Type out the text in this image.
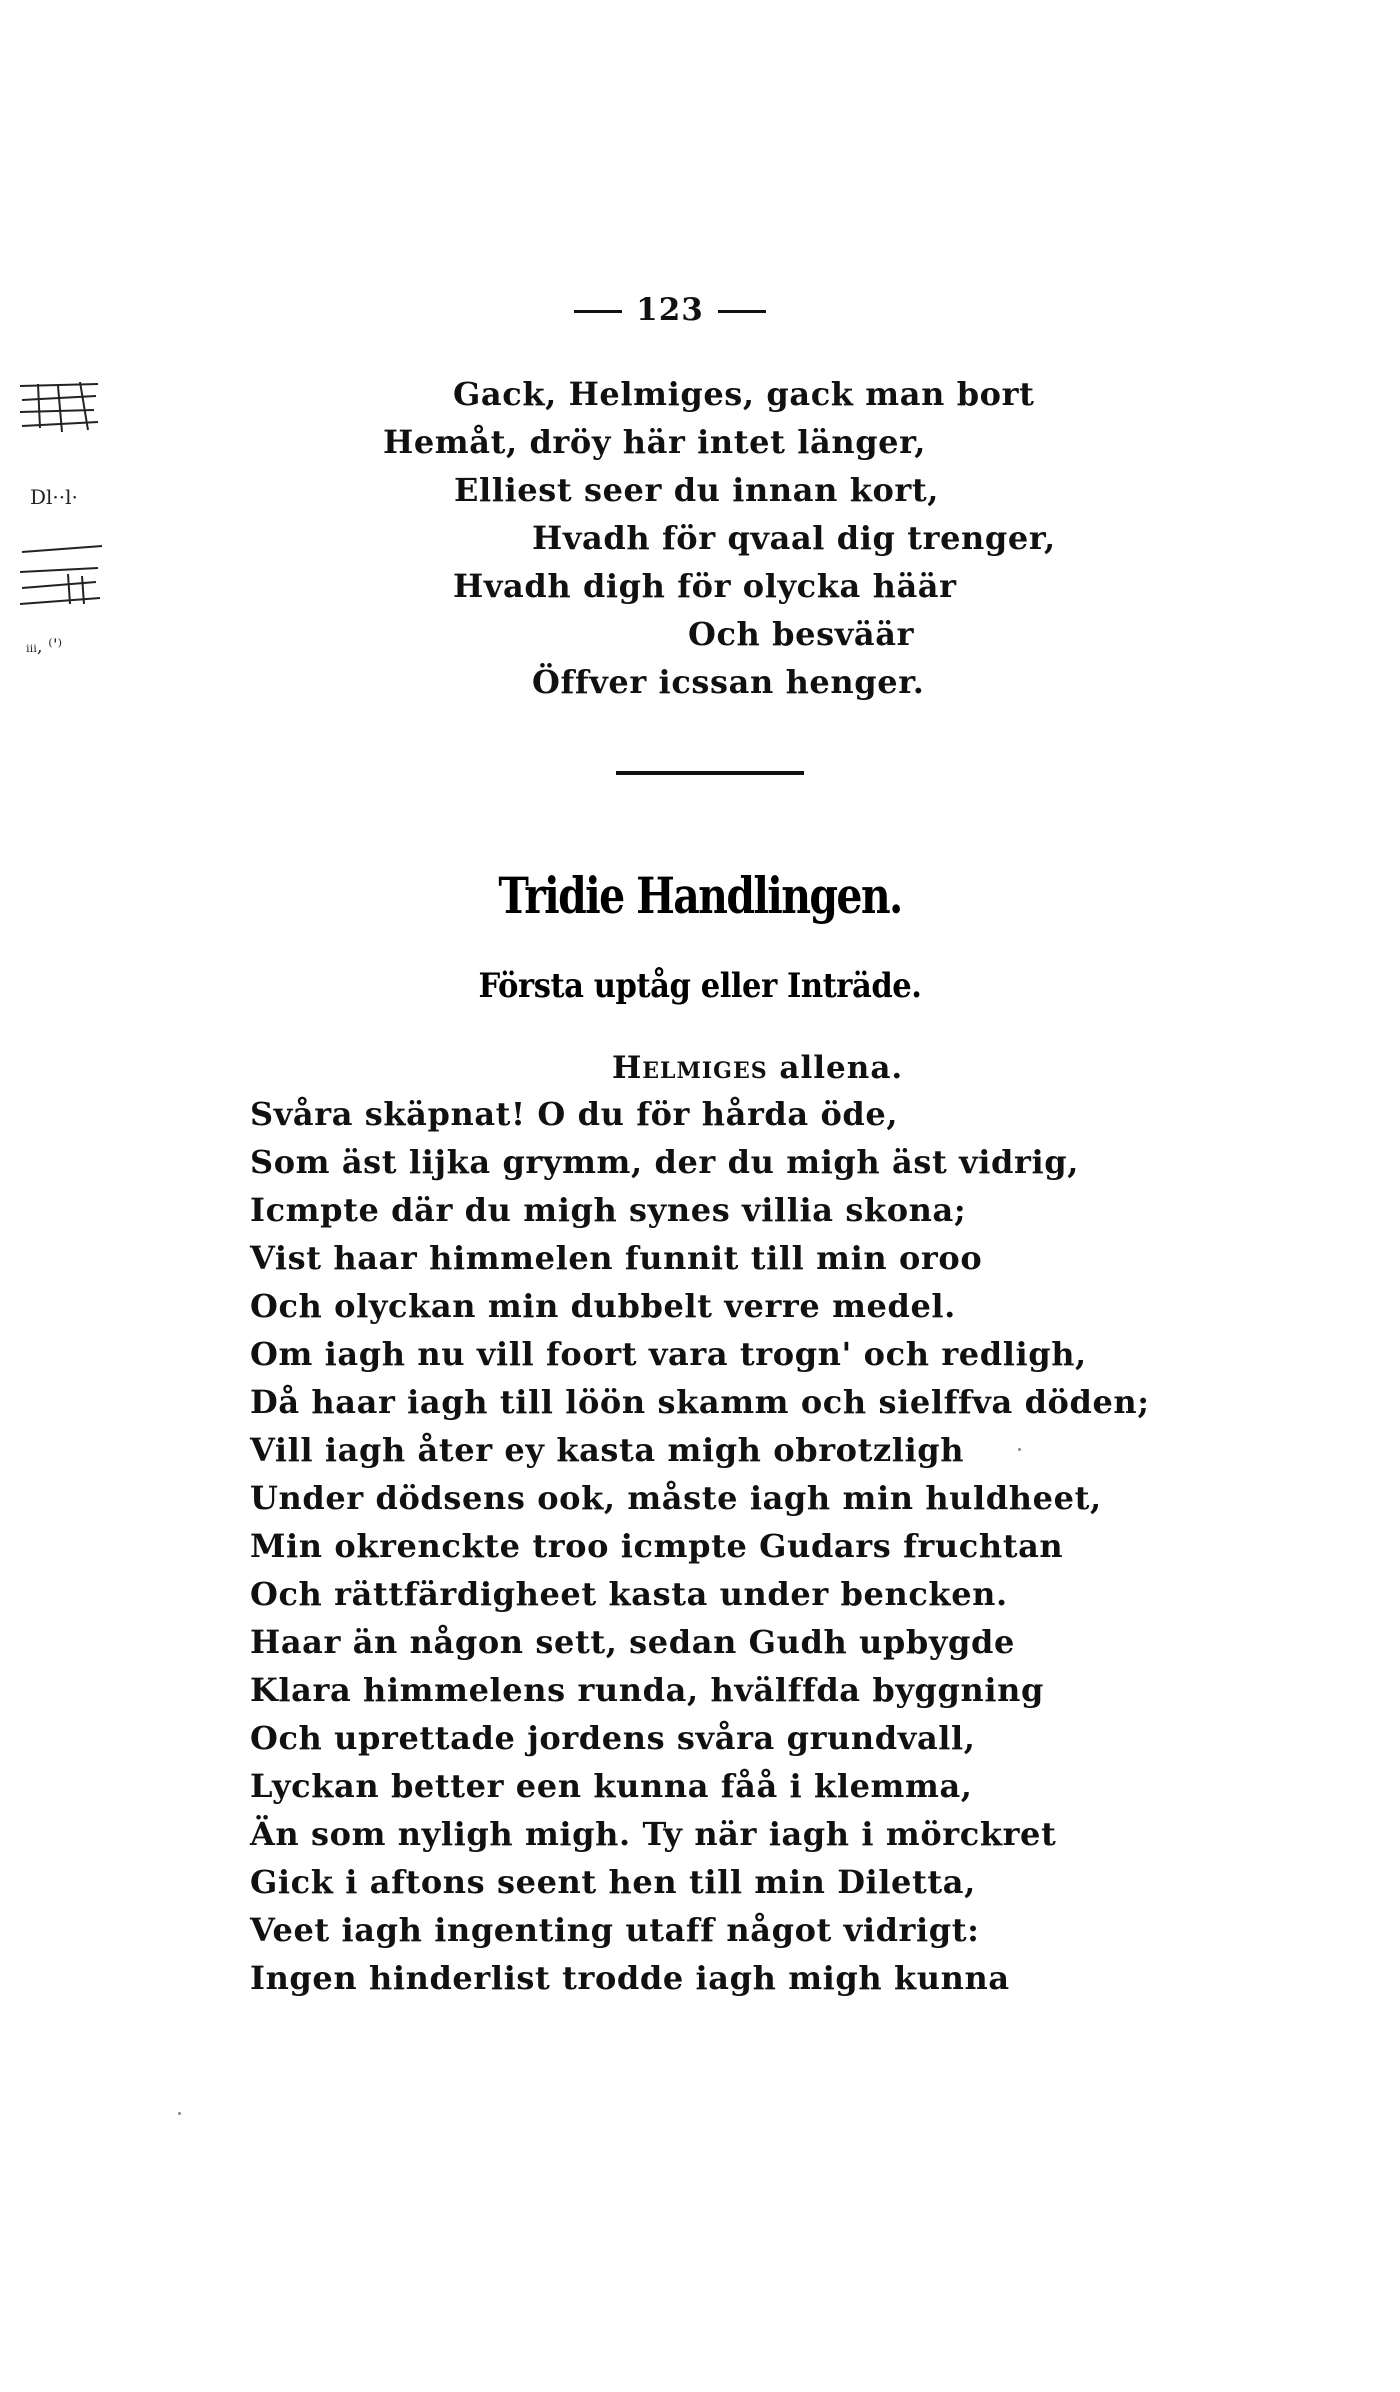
Dl··l·
ᵢᵢᵢ, ⁽ˈ⁾
123
Gack, Helmiges, gack man bort
Hemåt, dröy här intet länger,
Elliest seer du innan kort,
Hvadh för qvaal dig trenger,
Hvadh digh för olycka häär
Och besväär
Öffver icssan henger.
Tridie Handlingen.
Första uptåg eller Inträde.
Helmiges allena.
Svåra skäpnat! O du för hårda öde,
Som äst lijka grymm, der du migh äst vidrig,
Icmpte där du migh synes villia skona;
Vist haar himmelen funnit till min oroo
Och olyckan min dubbelt verre medel.
Om iagh nu vill foort vara trogn' och redligh,
Då haar iagh till löön skamm och sielffva döden;
Vill iagh åter ey kasta migh obrotzligh
Under dödsens ook, måste iagh min huldheet,
Min okrenckte troo icmpte Gudars fruchtan
Och rättfärdigheet kasta under bencken.
Haar än någon sett, sedan Gudh upbygde
Klara himmelens runda, hvälffda byggning
Och uprettade jordens svåra grundvall,
Lyckan better een kunna fåå i klemma,
Än som nyligh migh. Ty när iagh i mörckret
Gick i aftons seent hen till min Diletta,
Veet iagh ingenting utaff något vidrigt:
Ingen hinderlist trodde iagh migh kunna
